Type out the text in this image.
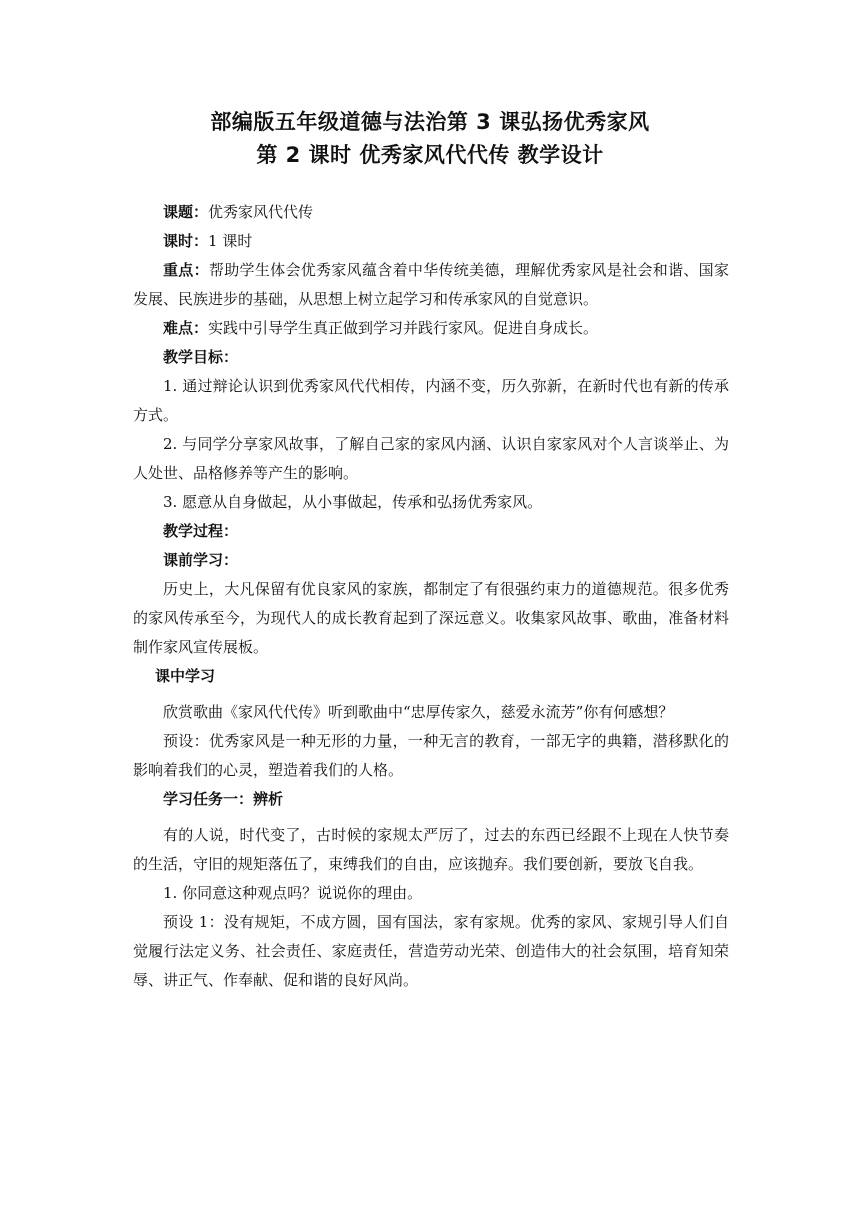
部编版五年级道德与法治第 3 课弘扬优秀家风
第 2 课时 优秀家风代代传 教学设计

课题：优秀家风代代传

课时：1 课时

重点：帮助学生体会优秀家风蕴含着中华传统美德，理解优秀家风是社会和谐、国家发展、民族进步的基础，从思想上树立起学习和传承家风的自觉意识。

难点：实践中引导学生真正做到学习并践行家风。促进自身成长。

教学目标：

1. 通过辩论认识到优秀家风代代相传，内涵不变，历久弥新，在新时代也有新的传承方式。

2. 与同学分享家风故事，了解自己家的家风内涵、认识自家家风对个人言谈举止、为人处世、品格修养等产生的影响。

3. 愿意从自身做起，从小事做起，传承和弘扬优秀家风。

教学过程：

课前学习：

历史上，大凡保留有优良家风的家族，都制定了有很强约束力的道德规范。很多优秀的家风传承至今，为现代人的成长教育起到了深远意义。收集家风故事、歌曲，准备材料制作家风宣传展板。

课中学习

欣赏歌曲《家风代代传》听到歌曲中“忠厚传家久，慈爱永流芳”你有何感想？

预设：优秀家风是一种无形的力量，一种无言的教育，一部无字的典籍，潜移默化的影响着我们的心灵，塑造着我们的人格。

学习任务一：辨析

有的人说，时代变了，古时候的家规太严厉了，过去的东西已经跟不上现在人快节奏的生活，守旧的规矩落伍了，束缚我们的自由，应该抛弃。我们要创新，要放飞自我。

1. 你同意这种观点吗？说说你的理由。

预设 1：没有规矩，不成方圆，国有国法，家有家规。优秀的家风、家规引导人们自觉履行法定义务、社会责任、家庭责任，营造劳动光荣、创造伟大的社会氛围，培育知荣辱、讲正气、作奉献、促和谐的良好风尚。
